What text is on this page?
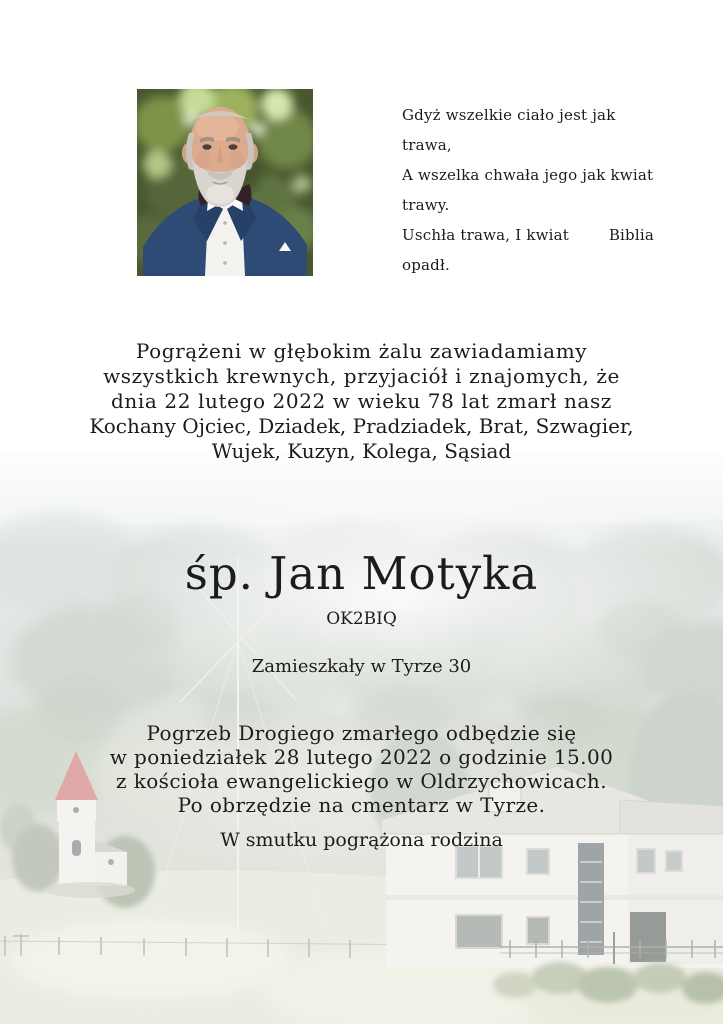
Gdyż wszelkie ciało jest jak trawa,
A wszelka chwała jego jak kwiat trawy.
Uschła trawa, I kwiat opadł.
Biblia
Pogrążeni w głębokim żalu zawiadamiamy
wszystkich krewnych, przyjaciół i znajomych, że
dnia 22 lutego 2022 w wieku 78 lat zmarł nasz
Kochany Ojciec, Dziadek, Pradziadek, Brat, Szwagier,
Wujek, Kuzyn, Kolega, Sąsiad
śp. Jan Motyka
OK2BIQ
Zamieszkały w Tyrze 30
Pogrzeb Drogiego zmarłego odbędzie się
w poniedziałek 28 lutego 2022 o godzinie 15.00
z kościoła ewangelickiego w Oldrzychowicach.
Po obrzędzie na cmentarz w Tyrze.
W smutku pogrążona rodzina
